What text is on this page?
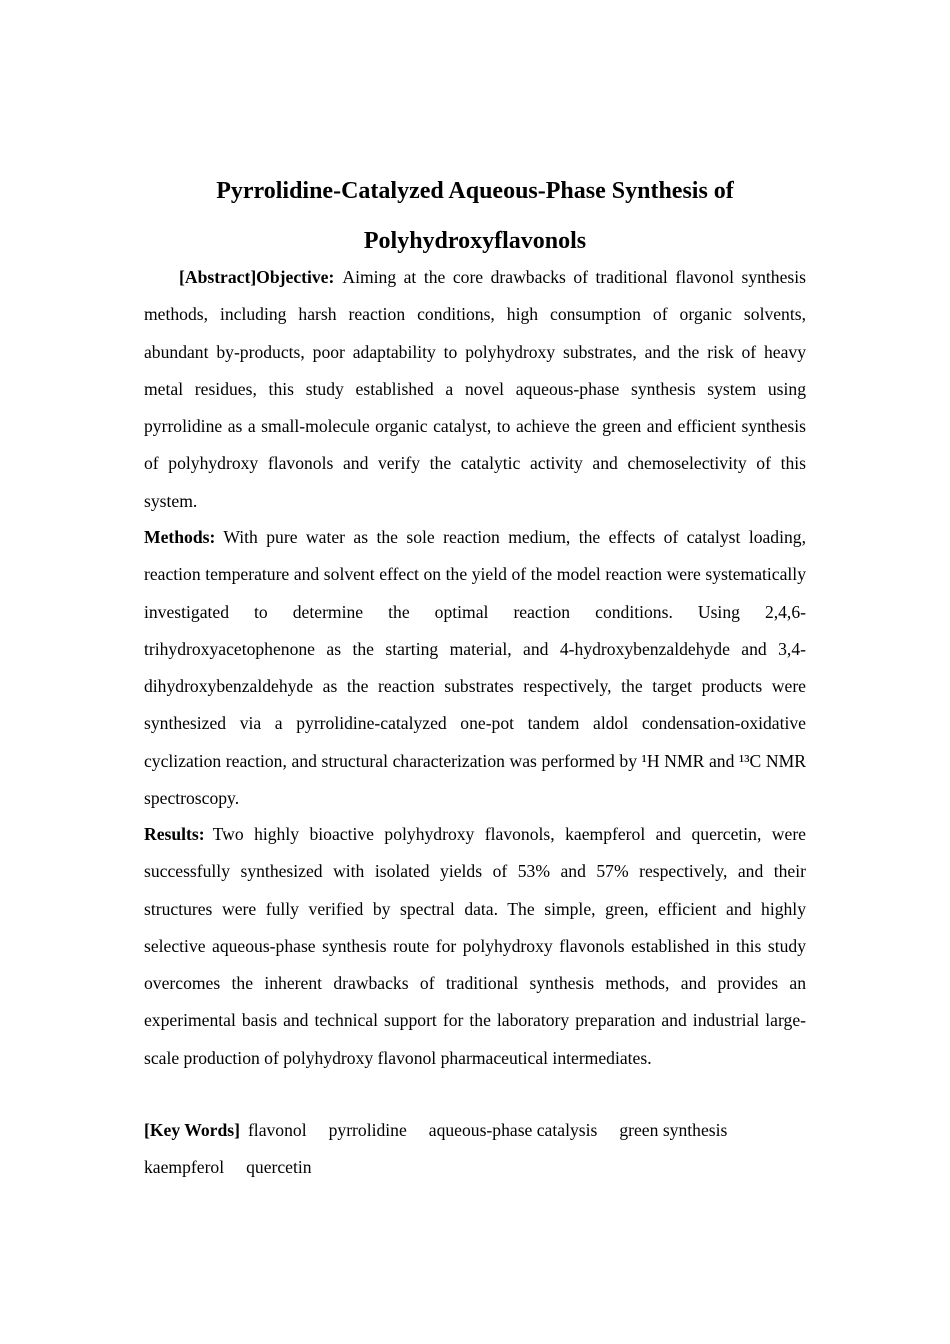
Pyrrolidine-Catalyzed Aqueous-Phase Synthesis of Polyhydroxyflavonols

[Abstract]Objective: Aiming at the core drawbacks of traditional flavonol synthesis methods, including harsh reaction conditions, high consumption of organic solvents, abundant by-products, poor adaptability to polyhydroxy substrates, and the risk of heavy metal residues, this study established a novel aqueous-phase synthesis system using pyrrolidine as a small-molecule organic catalyst, to achieve the green and efficient synthesis of polyhydroxy flavonols and verify the catalytic activity and chemoselectivity of this system.

Methods: With pure water as the sole reaction medium, the effects of catalyst loading, reaction temperature and solvent effect on the yield of the model reaction were systematically investigated to determine the optimal reaction conditions. Using 2,4,6-trihydroxyacetophenone as the starting material, and 4-hydroxybenzaldehyde and 3,4-dihydroxybenzaldehyde as the reaction substrates respectively, the target products were synthesized via a pyrrolidine-catalyzed one-pot tandem aldol condensation-oxidative cyclization reaction, and structural characterization was performed by ¹H NMR and ¹³C NMR spectroscopy.

Results: Two highly bioactive polyhydroxy flavonols, kaempferol and quercetin, were successfully synthesized with isolated yields of 53% and 57% respectively, and their structures were fully verified by spectral data. The simple, green, efficient and highly selective aqueous-phase synthesis route for polyhydroxy flavonols established in this study overcomes the inherent drawbacks of traditional synthesis methods, and provides an experimental basis and technical support for the laboratory preparation and industrial large-scale production of polyhydroxy flavonol pharmaceutical intermediates.

[Key Words] flavonol pyrrolidine aqueous-phase catalysis green synthesis kaempferol quercetin
